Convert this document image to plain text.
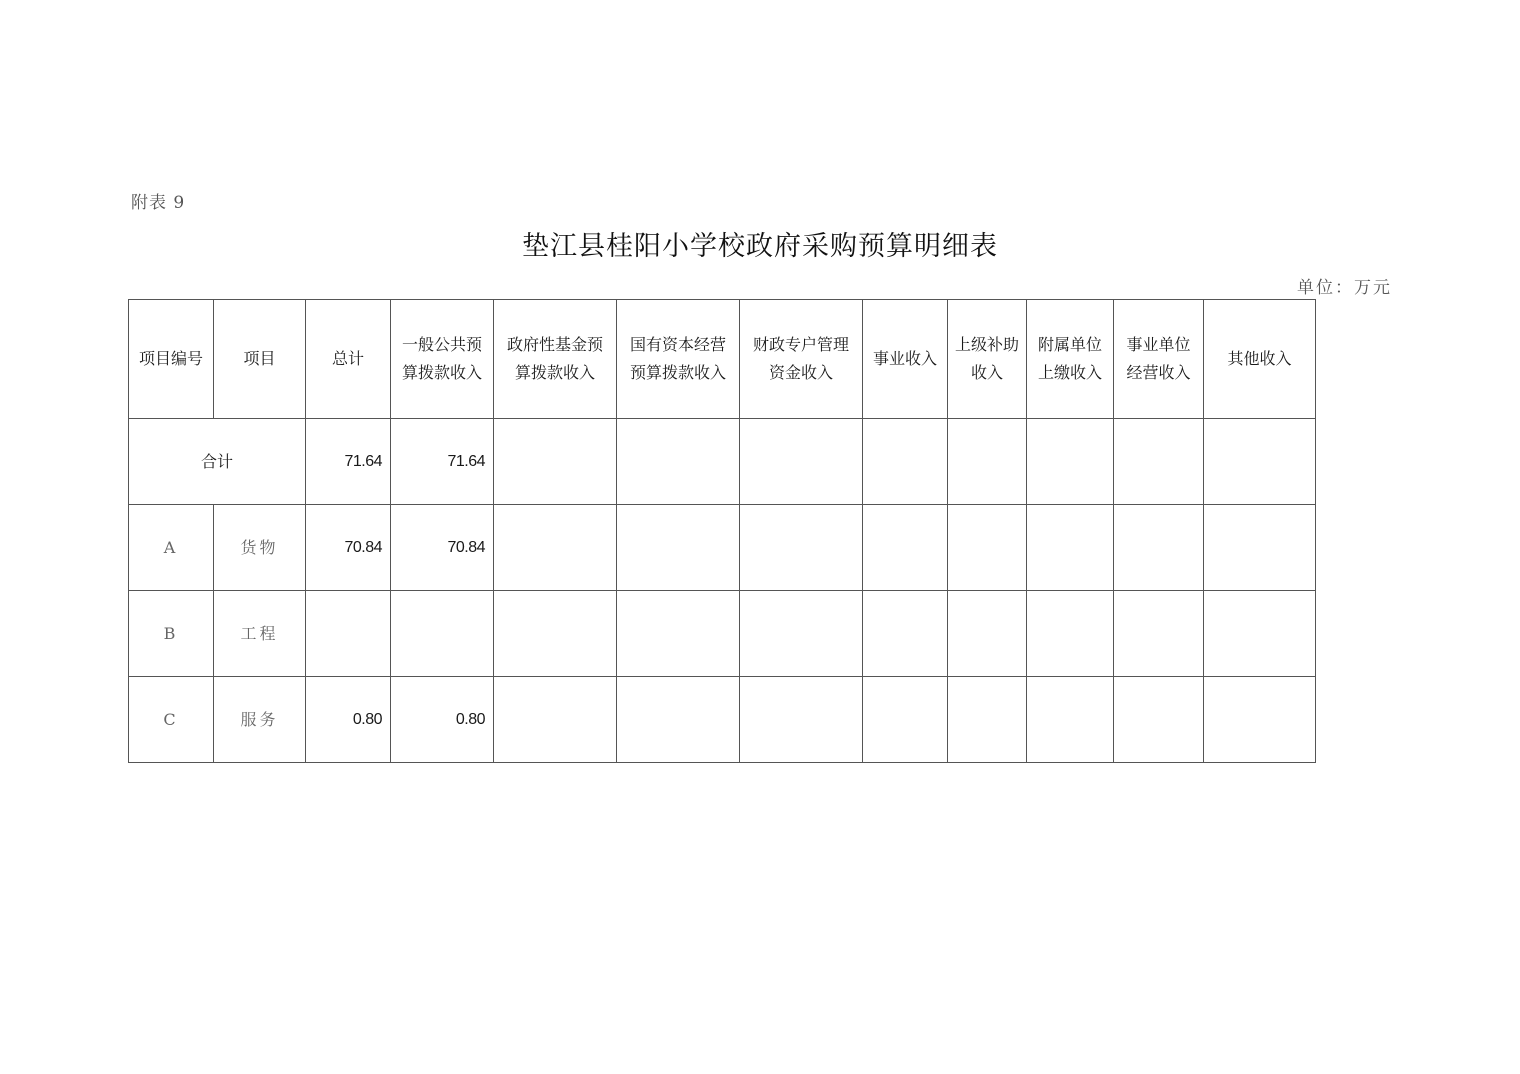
附表 9
垫江县桂阳小学校政府采购预算明细表
单位：万元
项目编号	项目	总计	一般公共预算拨款收入	政府性基金预算拨款收入	国有资本经营预算拨款收入	财政专户管理资金收入	事业收入	上级补助收入	附属单位上缴收入	事业单位经营收入	其他收入

合计		71.64	71.64								
A	货物	70.84	70.84								
B	工程										
C	服务	0.80	0.80								
